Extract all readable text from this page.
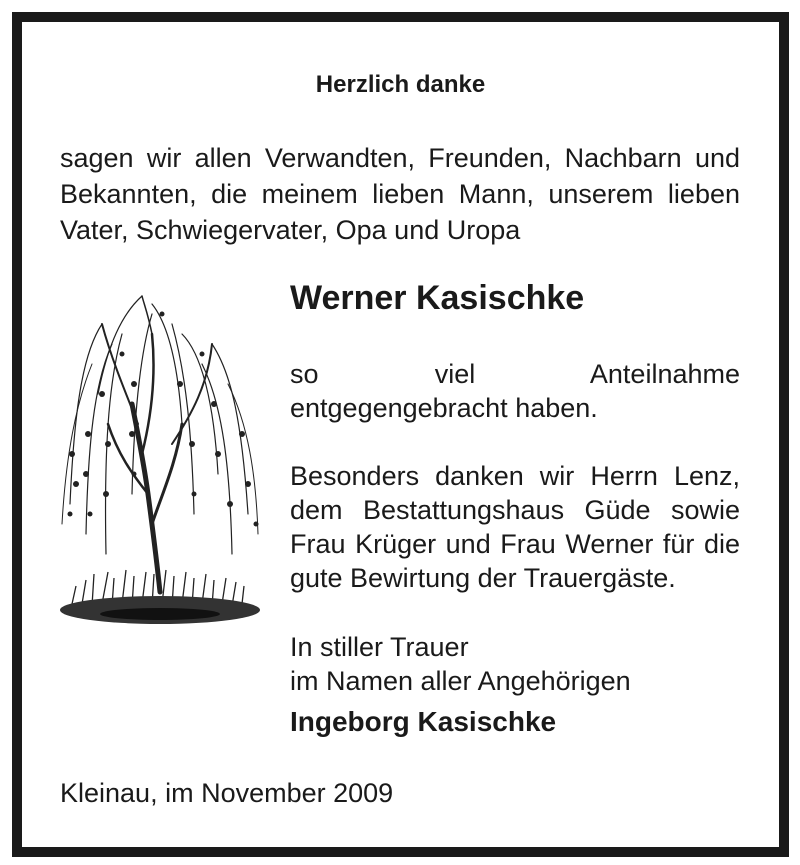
Herzlich danke
sagen wir allen Verwandten, Freunden, Nachbarn und Bekannten, die meinem lieben Mann, unserem lieben Vater, Schwiegervater, Opa und Uropa
Werner Kasischke
so viel Anteilnahme entgegengebracht haben.
Besonders danken wir Herrn Lenz, dem Bestattungshaus Güde sowie Frau Krüger und Frau Werner für die gute Bewirtung der Trauergäste.
In stiller Trauer
im Namen aller Angehörigen
Ingeborg Kasischke
Kleinau, im November 2009
